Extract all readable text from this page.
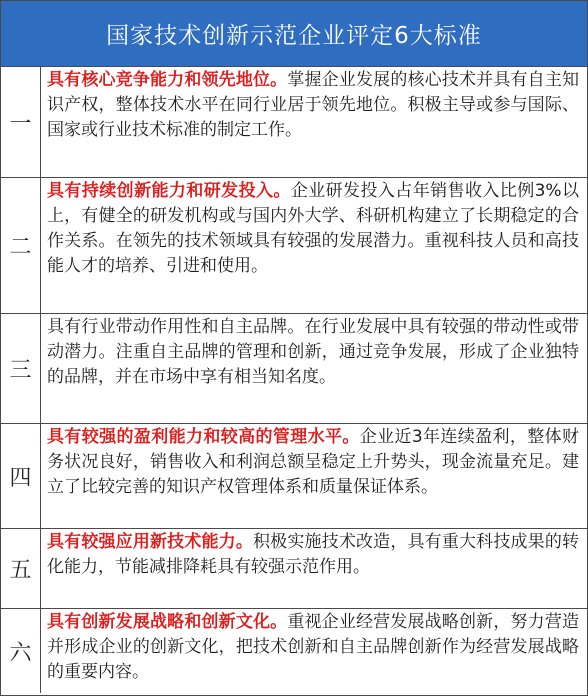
国家技术创新示范企业评定6大标准
一
具有核心竞争能力和领先地位。掌握企业发展的核心技术并具有自主知识产权，整体技术水平在同行业居于领先地位。积极主导或参与国际、国家或行业技术标准的制定工作。
二
具有持续创新能力和研发投入。企业研发投入占年销售收入比例3%以上，有健全的研发机构或与国内外大学、科研机构建立了长期稳定的合作关系。在领先的技术领域具有较强的发展潜力。重视科技人员和高技能人才的培养、引进和使用。
三
具有行业带动作用性和自主品牌。在行业发展中具有较强的带动性或带动潜力。注重自主品牌的管理和创新，通过竞争发展，形成了企业独特的品牌，并在市场中享有相当知名度。
四
具有较强的盈利能力和较高的管理水平。企业近3年连续盈利，整体财务状况良好，销售收入和利润总额呈稳定上升势头，现金流量充足。建立了比较完善的知识产权管理体系和质量保证体系。
五
具有较强应用新技术能力。积极实施技术改造，具有重大科技成果的转化能力，节能减排降耗具有较强示范作用。
六
具有创新发展战略和创新文化。重视企业经营发展战略创新，努力营造并形成企业的创新文化，把技术创新和自主品牌创新作为经营发展战略的重要内容。
